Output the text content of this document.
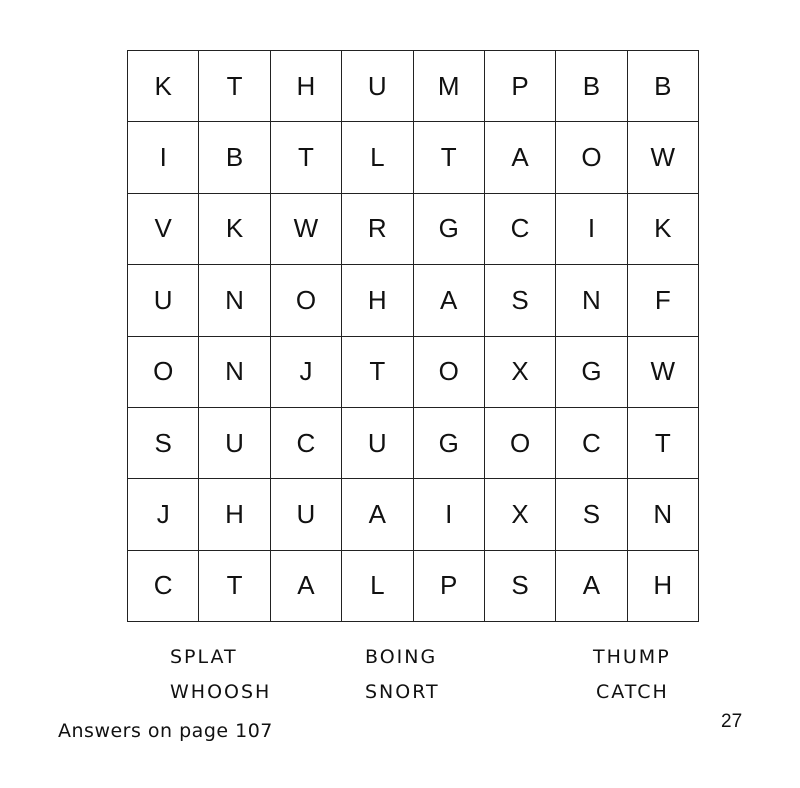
K	T	H	U	M	P	B	B
I	B	T	L	T	A	O	W
V	K	W	R	G	C	I	K
U	N	O	H	A	S	N	F
O	N	J	T	O	X	G	W
S	U	C	U	G	O	C	T
J	H	U	A	I	X	S	N
C	T	A	L	P	S	A	H
SPLAT
WHOOSH
BOING
SNORT
THUMP
CATCH
Answers on page 107	27
